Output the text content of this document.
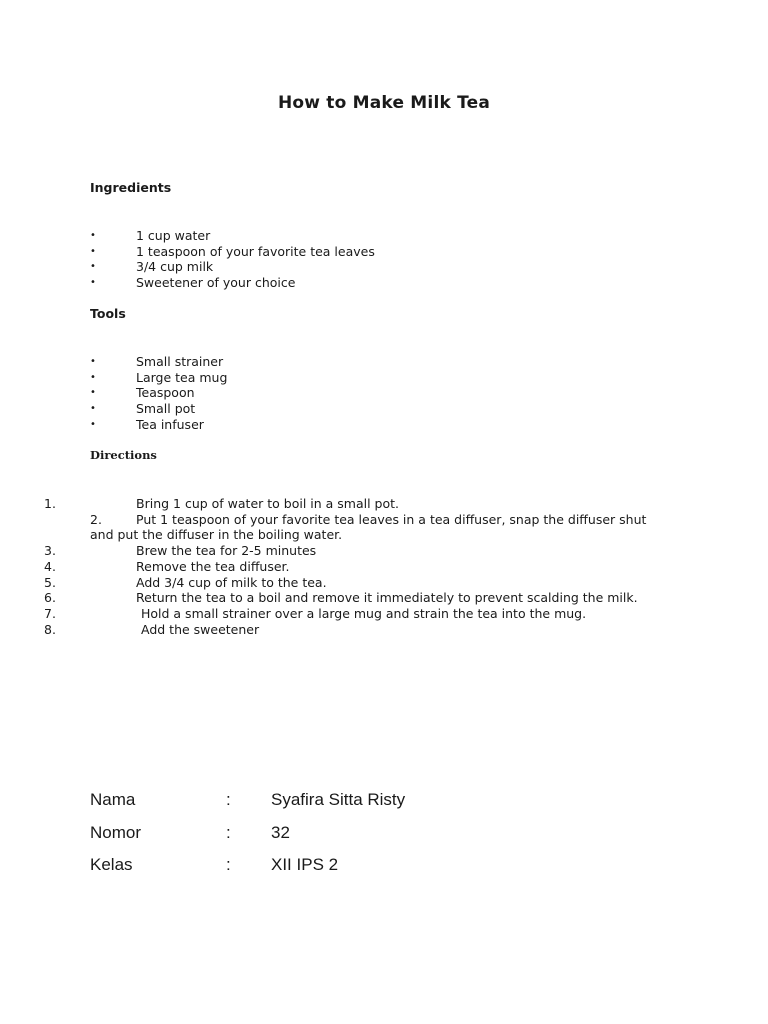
How to Make Milk Tea
Ingredients
•	1 cup water
•	1 teaspoon of your favorite tea leaves
•	3/4 cup milk
•	Sweetener of your choice
Tools
•	Small strainer
•	Large tea mug
•	Teaspoon
•	Small pot
•	Tea infuser
Directions
1.	Bring 1 cup of water to boil in a small pot.
2.	Put 1 teaspoon of your favorite tea leaves in a tea diffuser, snap the diffuser shut and put the diffuser in the boiling water.
3.	Brew the tea for 2-5 minutes
4.	Remove the tea diffuser.
5.	Add 3/4 cup of milk to the tea.
6.	Return the tea to a boil and remove it immediately to prevent scalding the milk.
7.	Hold a small strainer over a large mug and strain the tea into the mug.
8.	Add the sweetener
Nama	: Syafira Sitta Risty
Nomor	: 32
Kelas	: XII IPS 2
